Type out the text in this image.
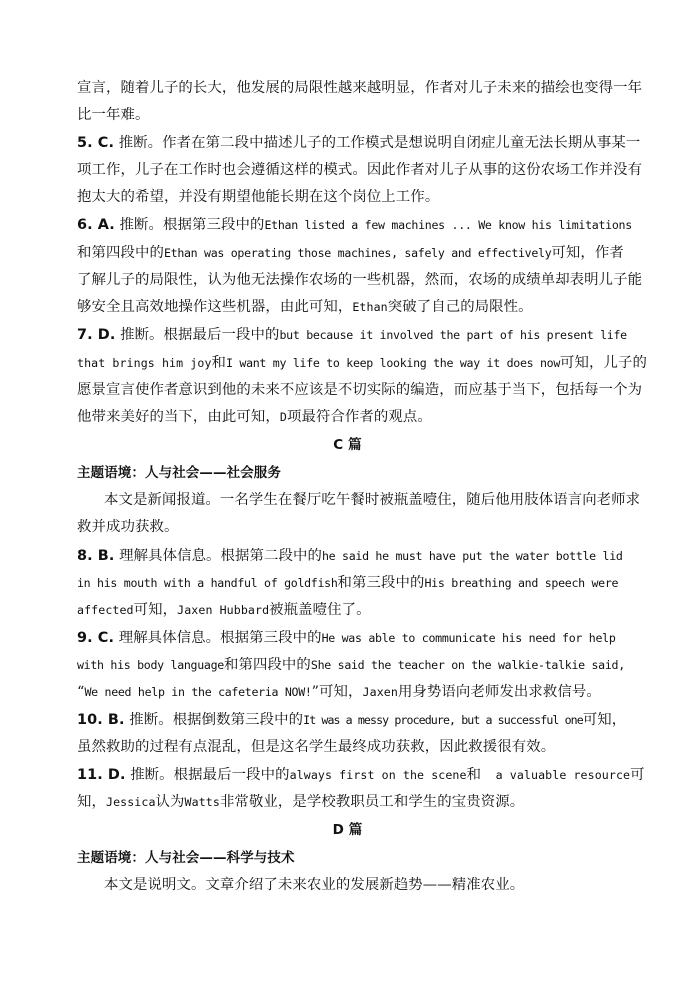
宣言，随着儿子的长大，他发展的局限性越来越明显，作者对儿子未来的描绘也变得一年
比一年难。
5. C. 推断。作者在第二段中描述儿子的工作模式是想说明自闭症儿童无法长期从事某一
项工作，儿子在工作时也会遵循这样的模式。因此作者对儿子从事的这份农场工作并没有
抱太大的希望，并没有期望他能长期在这个岗位上工作。
6. A. 推断。根据第三段中的Ethan listed a few machines ... We know his limitations
和第四段中的Ethan was operating those machines, safely and effectively可知，作者
了解儿子的局限性，认为他无法操作农场的一些机器，然而，农场的成绩单却表明儿子能
够安全且高效地操作这些机器，由此可知，Ethan突破了自己的局限性。
7. D. 推断。根据最后一段中的but because it involved the part of his present life
that brings him joy和I want my life to keep looking the way it does now可知，儿子的
愿景宣言使作者意识到他的未来不应该是不切实际的编造，而应基于当下，包括每一个为
他带来美好的当下，由此可知，D项最符合作者的观点。
C 篇
主题语境：人与社会——社会服务
本文是新闻报道。一名学生在餐厅吃午餐时被瓶盖噎住，随后他用肢体语言向老师求
救并成功获救。
8. B. 理解具体信息。根据第二段中的he said he must have put the water bottle lid
in his mouth with a handful of goldfish和第三段中的His breathing and speech were
affected可知，Jaxen Hubbard被瓶盖噎住了。
9. C. 理解具体信息。根据第三段中的He was able to communicate his need for help
with his body language和第四段中的She said the teacher on the walkie-talkie said,
“We need help in the cafeteria NOW!”可知，Jaxen用身势语向老师发出求救信号。
10. B. 推断。根据倒数第三段中的It was a messy procedure, but a successful one可知，
虽然救助的过程有点混乱，但是这名学生最终成功获救，因此救援很有效。
11. D. 推断。根据最后一段中的always first on the scene和　a valuable resource可
知，Jessica认为Watts非常敬业，是学校教职员工和学生的宝贵资源。
D 篇
主题语境：人与社会——科学与技术
本文是说明文。文章介绍了未来农业的发展新趋势——精准农业。
